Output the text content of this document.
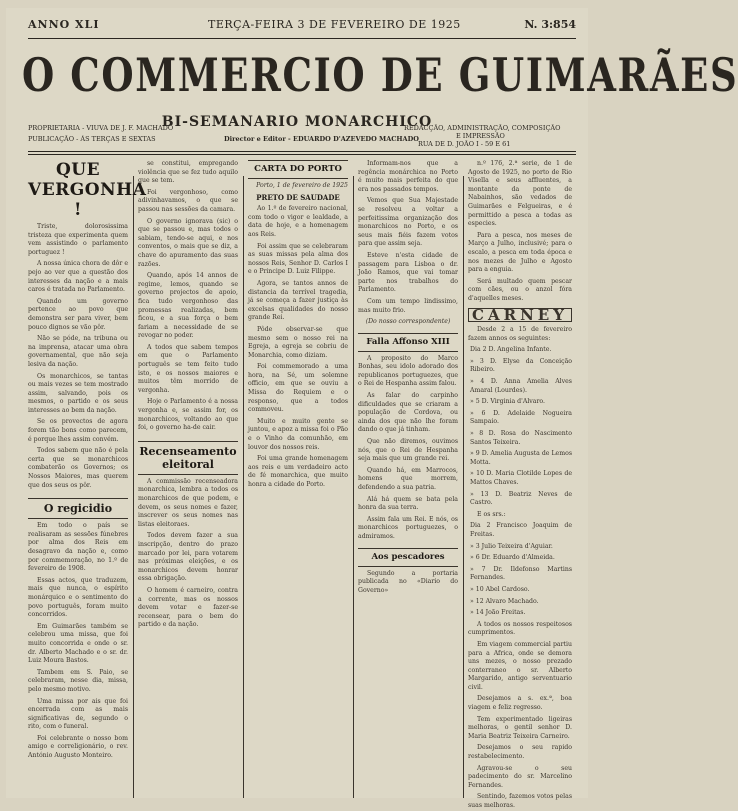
ANNO XLI	TERÇA-FEIRA 3 DE FEVEREIRO DE 1925	N. 3:854
O COMMERCIO DE GUIMARÃES
BI-SEMANARIO MONARCHICO
PROPRIETARIA - VIUVA DE J. F. MACHADO
PUBLICAÇÃO - ÁS TERÇAS E SEXTAS	Director e Editor - EDUARDO D'AZEVEDO MACHADO
REDACÇÃO, ADMINISTRAÇÃO, COMPOSIÇÃO
E IMPRESSÃO
RUA DE D. JOÃO I - 59 E 61

QUE VERGONHA !

Triste, dolorosissima tristeza que experimenta quem vem assistindo o parlamento portuguez !

A nossa única chora de dôr e pejo ao ver que a questão dos interesses da nação e a mais caros é tratada no Parlamento.

Quando um governo pertence ao povo que demonstra ser para viver, bem pouco dignos se vão pôr.

Não se póde, na tribuna ou na imprensa, atacar uma obra governamental, que não seja lesiva da nação.

Os monarchicos, se tantas ou mais vezes se tem mostrado assim, salvando, pois os mesmos, o partido e os seus interesses ao bem da nação.

Se os provectos de agora forem tão bons como parecem, é porque lhes assim convém.

Todos sabem que não é pela certa que se monarchicos combaterão os Governos; os Nossos Maiores, mas querem que dos seus os pôr.

O regicidio

Em todo o país se realisaram as sessões fúnebres por alma dos Reis em desagravo da nação e, como por commemoração, no 1.º de fevereiro de 1908.

Essas actos, que traduzem, mais que nunca, o espírito monárquico e o sentimento do povo português, foram muito concorridos.

Em Guimarães também se celebrou uma missa, que foi muito concorrida e onde o sr. dr. Alberto Machado e o sr. dr. Luiz Moura Bastos.

Tambem em S. Paio, se celebraram, nesse dia, missa, pelo mesmo motivo.

Uma missa por ais que foi encerrada com as mais significativas de, segundo o rito, com o funeral.

Foi celebrante o nosso bom amigo e correligionário, o rev. António Augusto Monteiro.

se constitui, empregando violência que se fez tudo aquilo que se tem.

Foi vergonhoso, como adivinhavamos, o que se passou nas sessões da camara.

O governo ignorava (sic) o que se passou e, mas todos o sabiam, tendo-se aqui, e nos conventos, o mais que se diz, a chave do apuramento das suas razões.

Quando, após 14 annos de regime, lemos, quando se governo projectos de apoio, fica tudo vergonhoso das promessas realizadas, bem ficou, e a sua força o bem fariam a necessidade de se revogar no poder.

A todos que sabem tempos em que o Parlamento português se tem feito tudo isto, e os nossos maiores e muitos têm morrido de vergonha.

Hoje o Parlamento é a nossa vergonha e, se assim for, os monarchicos, voltando ao que foi, o governo ha-de cair.

Recenseamento eleitoral

A commissão recenseadora monarchica, lembra a todos os monarchicos de que podem, e devem, os seus nomes e fazer, inscrever os seus nomes nas listas eleitoraes.

Todos devem fazer a sua inscripção, dentro do prazo marcado por lei, para votarem nas próximas eleições, e os monarchicos devem honrar essa obrigação.

O homem é carneiro, contra a corrente, mas os nossos devem votar e fazer-se recensear, para o bem do partido e da nação.

CARTA DO PORTO

Porto, 1 de fevereiro de 1925

PRETO DE SAUDADE

Ao 1.º de fevereiro nacional, com todo o vigor e lealdade, a data de hoje, e a homenagem aos Reis.

Foi assim que se celebraram as suas missas pela alma dos nossos Reis, Senhor D. Carlos I e o Principe D. Luiz Filippe.

Agora, se tantos annos de distancia da terrível tragedia, já se começa a fazer justiça às excelsas qualidades do nosso grande Rei.

Pôde observar-se que mesmo sem o nosso rei na Egreja, a egreja se cobriu de Monarchia, como diziam.

Foi commemorado a uma hora, na Sé, um solemne officio, em que se ouviu a Missa do Requiem e o responso, que a todos commoveu.

Muito e muito gente se juntou, e apoz a missa foi o Pão e o Vinho da comunhão, em louvor dos nossos reis.

Foi uma grande homenagem aos reis e um verdadeiro acto de fé monarchica, que muito honra a cidade do Porto.

Informam-nos que a regência monárchica no Porto é muito mais perfeita do que era nos passados tempos.

Vemos que Sua Majestade se resolveu a voltar a perfeitissima organização dos monarchicos no Porto, e os seus mais fiéis fazem votos para que assim seja.

Esteve n'esta cidade de passagem para Lisboa o dr. João Ramos, que vai tomar parte nos trabalhos do Parlamento.

Com um tempo lindissimo, mas muito frio.

(Do nosso correspondente)

Falla Affonso XIII

A proposito do Marco Bonhas, seu idolo adorado dos republicanos portuguezes, que o Rei de Hespanha assim falou.

As falar do carpinho dificuldades que se criaram a população de Cordova, ou ainda dos que não lhe foram dando o que já tinham.

Que não diremos, ouvimos nós, que o Rei de Hespanha seja mais que um grande rei.

Quando há, em Marrocos, homens que morrem, defendendo a sua patria.

Alá há quem se bata pela honra da sua terra.

Assim fala um Rei. E nós, os monarchicos portuguezes, o admiramos.

Aos pescadores

Segundo a portaria publicada no «Diario do Governo»

n.º 176, 2.ª serie, de 1 de Agosto de 1925, no porto de Rio Visella e seus affluentes, a montante da ponte de Nabainhos, são vedados de Guimarães e Felgueiras, e é permittido a pesca a todas as especies.

Para a pesca, nos meses de Março a Julho, inclusivé; para o escalo, a pesca em toda época e nos mezes de Julho e Agosto para a enguia.

Será multado quem pescar com cães, ou o anzol fóra d'aquelles meses.

CARNEY

Desde 2 a 15 de fevereiro fazem annos os seguintes:

Dia 2 D. Angelina Infante.

» 3 D. Elyse da Conceição Ribeiro.

» 4 D. Anna Amelia Alves Amaral (Lourdes).

» 5 D. Virginia d'Alvaro.

» 6 D. Adelaide Nogueira Sampaio.

» 8 D. Rosa do Nascimento Santos Teixeira.

» 9 D. Amelia Augusta de Lemos Motta.

» 10 D. Maria Clotilde Lopes de Mattos Chaves.

» 13 D. Beatriz Neves de Castro.

E os srs.:

Dia 2 Francisco Joaquim de Freitas.

» 3 Julio Teixeira d'Aguiar.

» 6 Dr. Eduardo d'Almeida.

» 7 Dr. Ildefonso Martins Fernandes.

» 10 Abel Cardoso.

» 12 Alvaro Machado.

» 14 João Freitas.

A todos os nossos respeitosos cumprimentos.

Em viagem commercial partiu para a Africa, onde se demora uns mezes, o nosso prezado conterraneo o sr. Alberto Margarido, antigo serventuario civil.

Desejamos a s. ex.ª, boa viagem e feliz regresso.

Tem experimentado ligeiras melhoras, o gentil senhor D. Maria Beatriz Teixeira Carneiro.

Desejamos o seu rapido restabelecimento.

Agravou-se o seu padecimento do sr. Marcelino Fernandes.

Sentindo, fazemos votos pelas suas melhoras.
